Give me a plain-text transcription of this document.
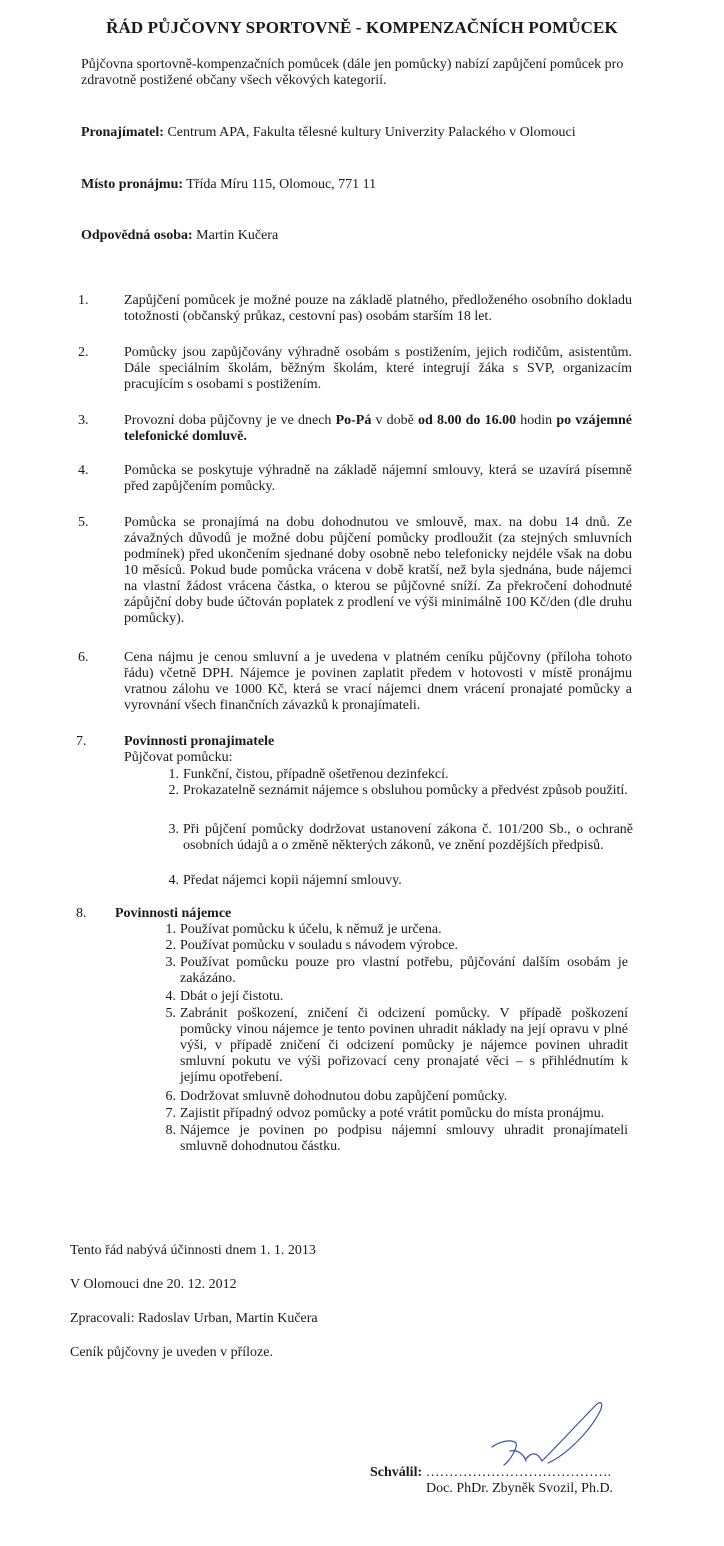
ŘÁD PŮJČOVNY SPORTOVNĚ - KOMPENZAČNÍCH POMŮCEK
Půjčovna sportovně-kompenzačních pomůcek (dále jen pomůcky) nabízí zapůjčení pomůcek pro zdravotně postižené občany všech věkových kategorií.
Pronajímatel: Centrum APA, Fakulta tělesné kultury Univerzity Palackého v Olomouci
Místo pronájmu: Třída Míru 115, Olomouc, 771 11
Odpovědná osoba: Martin Kučera
1.	Zapůjčení pomůcek je možné pouze na základě platného, předloženého osobního dokladu totožnosti (občanský průkaz, cestovní pas) osobám starším 18 let.
2.	Pomůcky jsou zapůjčovány výhradně osobám s postižením, jejich rodičům, asistentům. Dále speciálním školám, běžným školám, které integrují žáka s SVP, organizacím pracujícím s osobami s postižením.
3.	Provozní doba půjčovny je ve dnech Po-Pá v době od 8.00 do 16.00 hodin po vzájemné telefonické domluvě.
4.	Pomůcka se poskytuje výhradně na základě nájemní smlouvy, která se uzavírá písemně před zapůjčením pomůcky.
5.	Pomůcka se pronajímá na dobu dohodnutou ve smlouvě, max. na dobu 14 dnů. Ze závažných důvodů je možné dobu půjčení pomůcky prodloužit (za stejných smluvních podmínek) před ukončením sjednané doby osobně nebo telefonicky nejdéle však na dobu 10 měsíců. Pokud bude pomůcka vrácena v době kratší, než byla sjednána, bude nájemci na vlastní žádost vrácena částka, o kterou se půjčovné sníží. Za překročení dohodnuté zápůjční doby bude účtován poplatek z prodlení ve výši minimálně 100 Kč/den (dle druhu pomůcky).
6.	Cena nájmu je cenou smluvní a je uvedena v platném ceníku půjčovny (příloha tohoto řádu) včetně DPH. Nájemce je povinen zaplatit předem v hotovosti v místě pronájmu vratnou zálohu ve 1000 Kč, která se vrací nájemci dnem vrácení pronajaté pomůcky a vyrovnání všech finančních závazků k pronajímateli.
7.	Povinnosti pronajimatele
Půjčovat pomůcku:
1. Funkční, čistou, případně ošetřenou dezinfekcí.
2. Prokazatelně seznámit nájemce s obsluhou pomůcky a předvést způsob použití.
3. Při půjčení pomůcky dodržovat ustanovení zákona č. 101/200 Sb., o ochraně osobních údajů a o změně některých zákonů, ve znění pozdějších předpisů.
4. Předat nájemci kopii nájemní smlouvy.
8. Povinnosti nájemce
1. Používat pomůcku k účelu, k němuž je určena.
2. Používat pomůcku v souladu s návodem výrobce.
3. Používat pomůcku pouze pro vlastní potřebu, půjčování dalším osobám je zakázáno.
4. Dbát o její čistotu.
5. Zabránit poškození, zničení či odcizení pomůcky. V případě poškození pomůcky vinou nájemce je tento povinen uhradit náklady na její opravu v plné výši, v případě zničení či odcizení pomůcky je nájemce povinen uhradit smluvní pokutu ve výši pořizovací ceny pronajaté věci – s přihlédnutím k jejímu opotřebení.
6. Dodržovat smluvně dohodnutou dobu zapůjčení pomůcky.
7. Zajistit případný odvoz pomůcky a poté vrátit pomůcku do místa pronájmu.
8. Nájemce je povinen po podpisu nájemní smlouvy uhradit pronajímateli smluvně dohodnutou částku.
Tento řád nabývá účinnosti dnem 1. 1. 2013
V Olomouci dne 20. 12. 2012
Zpracovali: Radoslav Urban, Martin Kučera
Ceník půjčovny je uveden v příloze.
Schválil: ………………………………….
Doc. PhDr. Zbyněk Svozil, Ph.D.
